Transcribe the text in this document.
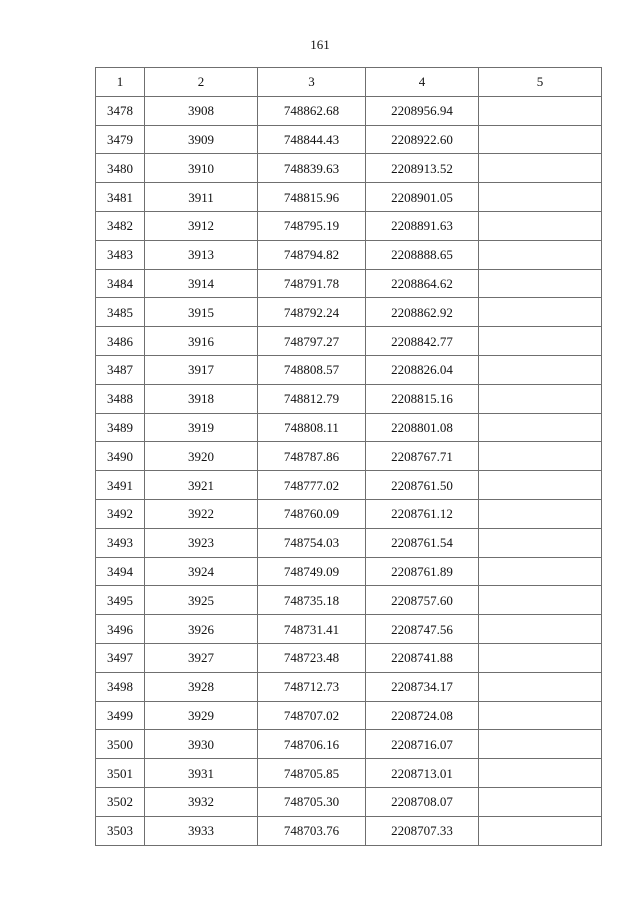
161
1	2	3	4	5
3478	3908	748862.68	2208956.94	
3479	3909	748844.43	2208922.60	
3480	3910	748839.63	2208913.52	
3481	3911	748815.96	2208901.05	
3482	3912	748795.19	2208891.63	
3483	3913	748794.82	2208888.65	
3484	3914	748791.78	2208864.62	
3485	3915	748792.24	2208862.92	
3486	3916	748797.27	2208842.77	
3487	3917	748808.57	2208826.04	
3488	3918	748812.79	2208815.16	
3489	3919	748808.11	2208801.08	
3490	3920	748787.86	2208767.71	
3491	3921	748777.02	2208761.50	
3492	3922	748760.09	2208761.12	
3493	3923	748754.03	2208761.54	
3494	3924	748749.09	2208761.89	
3495	3925	748735.18	2208757.60	
3496	3926	748731.41	2208747.56	
3497	3927	748723.48	2208741.88	
3498	3928	748712.73	2208734.17	
3499	3929	748707.02	2208724.08	
3500	3930	748706.16	2208716.07	
3501	3931	748705.85	2208713.01	
3502	3932	748705.30	2208708.07	
3503	3933	748703.76	2208707.33	
